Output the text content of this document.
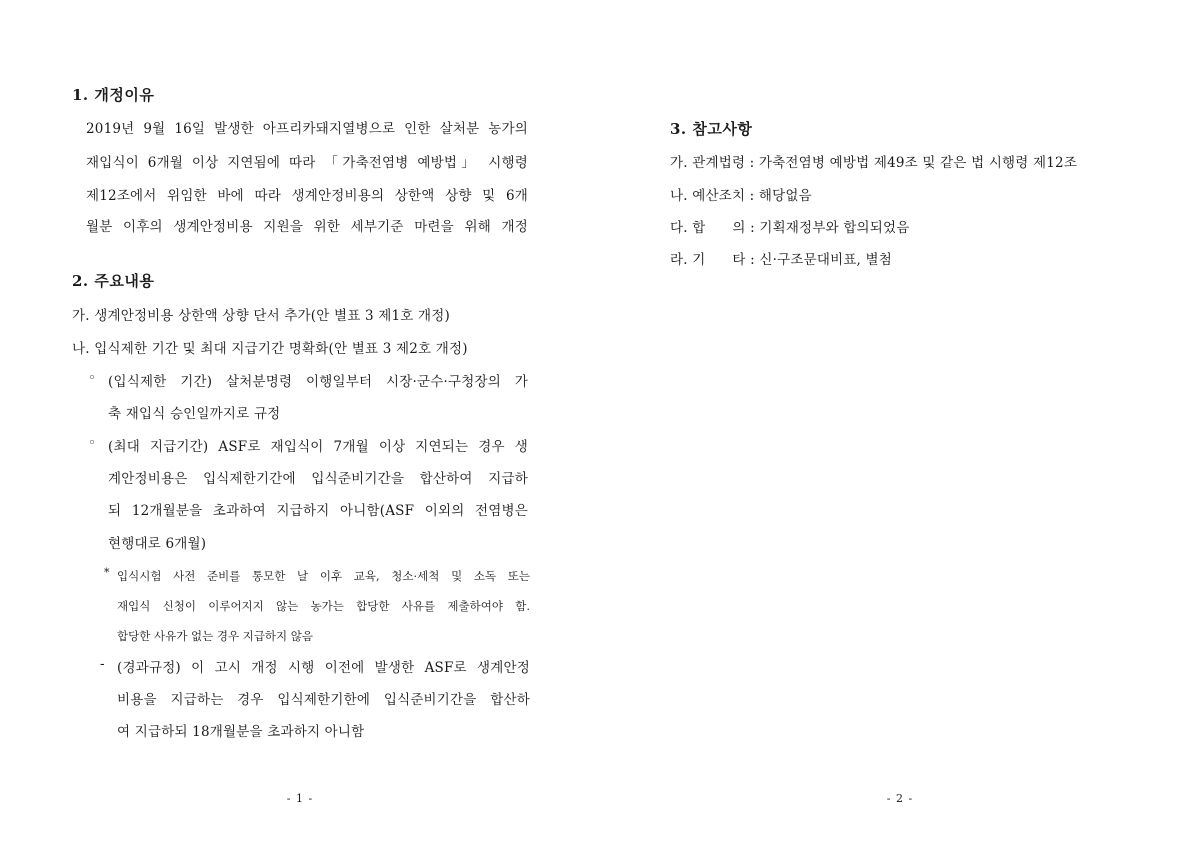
1. 개정이유
2019년 9월 16일 발생한 아프리카돼지열병으로 인한 살처분 농가의
재입식이 6개월 이상 지연됨에 따라 「가축전염병 예방법」 시행령
제12조에서 위임한 바에 따라 생계안정비용의 상한액 상향 및 6개
월분 이후의 생계안정비용 지원을 위한 세부기준 마련을 위해 개정
2. 주요내용
가. 생계안정비용 상한액 상향 단서 추가(안 별표 3 제1호 개정)
나. 입식제한 기간 및 최대 지급기간 명확화(안 별표 3 제2호 개정)
◦ (입식제한 기간) 살처분명령 이행일부터 시장·군수·구청장의 가
축 재입식 승인일까지로 규정
◦ (최대 지급기간) ASF로 재입식이 7개월 이상 지연되는 경우 생
계안정비용은 입식제한기간에 입식준비기간을 합산하여 지급하
되 12개월분을 초과하여 지급하지 아니함(ASF 이외의 전염병은
현행대로 6개월)
* 입식시험 사전 준비를 통모한 날 이후 교육, 청소·세척 및 소독 또는
재입식 신청이 이루어지지 않는 농가는 합당한 사유를 제출하여야 함.
합당한 사유가 없는 경우 지급하지 않음
- (경과규정) 이 고시 개정 시행 이전에 발생한 ASF로 생계안정
비용을 지급하는 경우 입식제한기한에 입식준비기간을 합산하
여 지급하되 18개월분을 초과하지 아니함
- 1 -
3. 참고사항
가. 관계법령 : 가축전염병 예방법 제49조 및 같은 법 시행령 제12조
나. 예산조치 : 해당없음
다. 합      의 : 기획재정부와 합의되었음
라. 기      타 : 신·구조문대비표, 별첨
- 2 -
